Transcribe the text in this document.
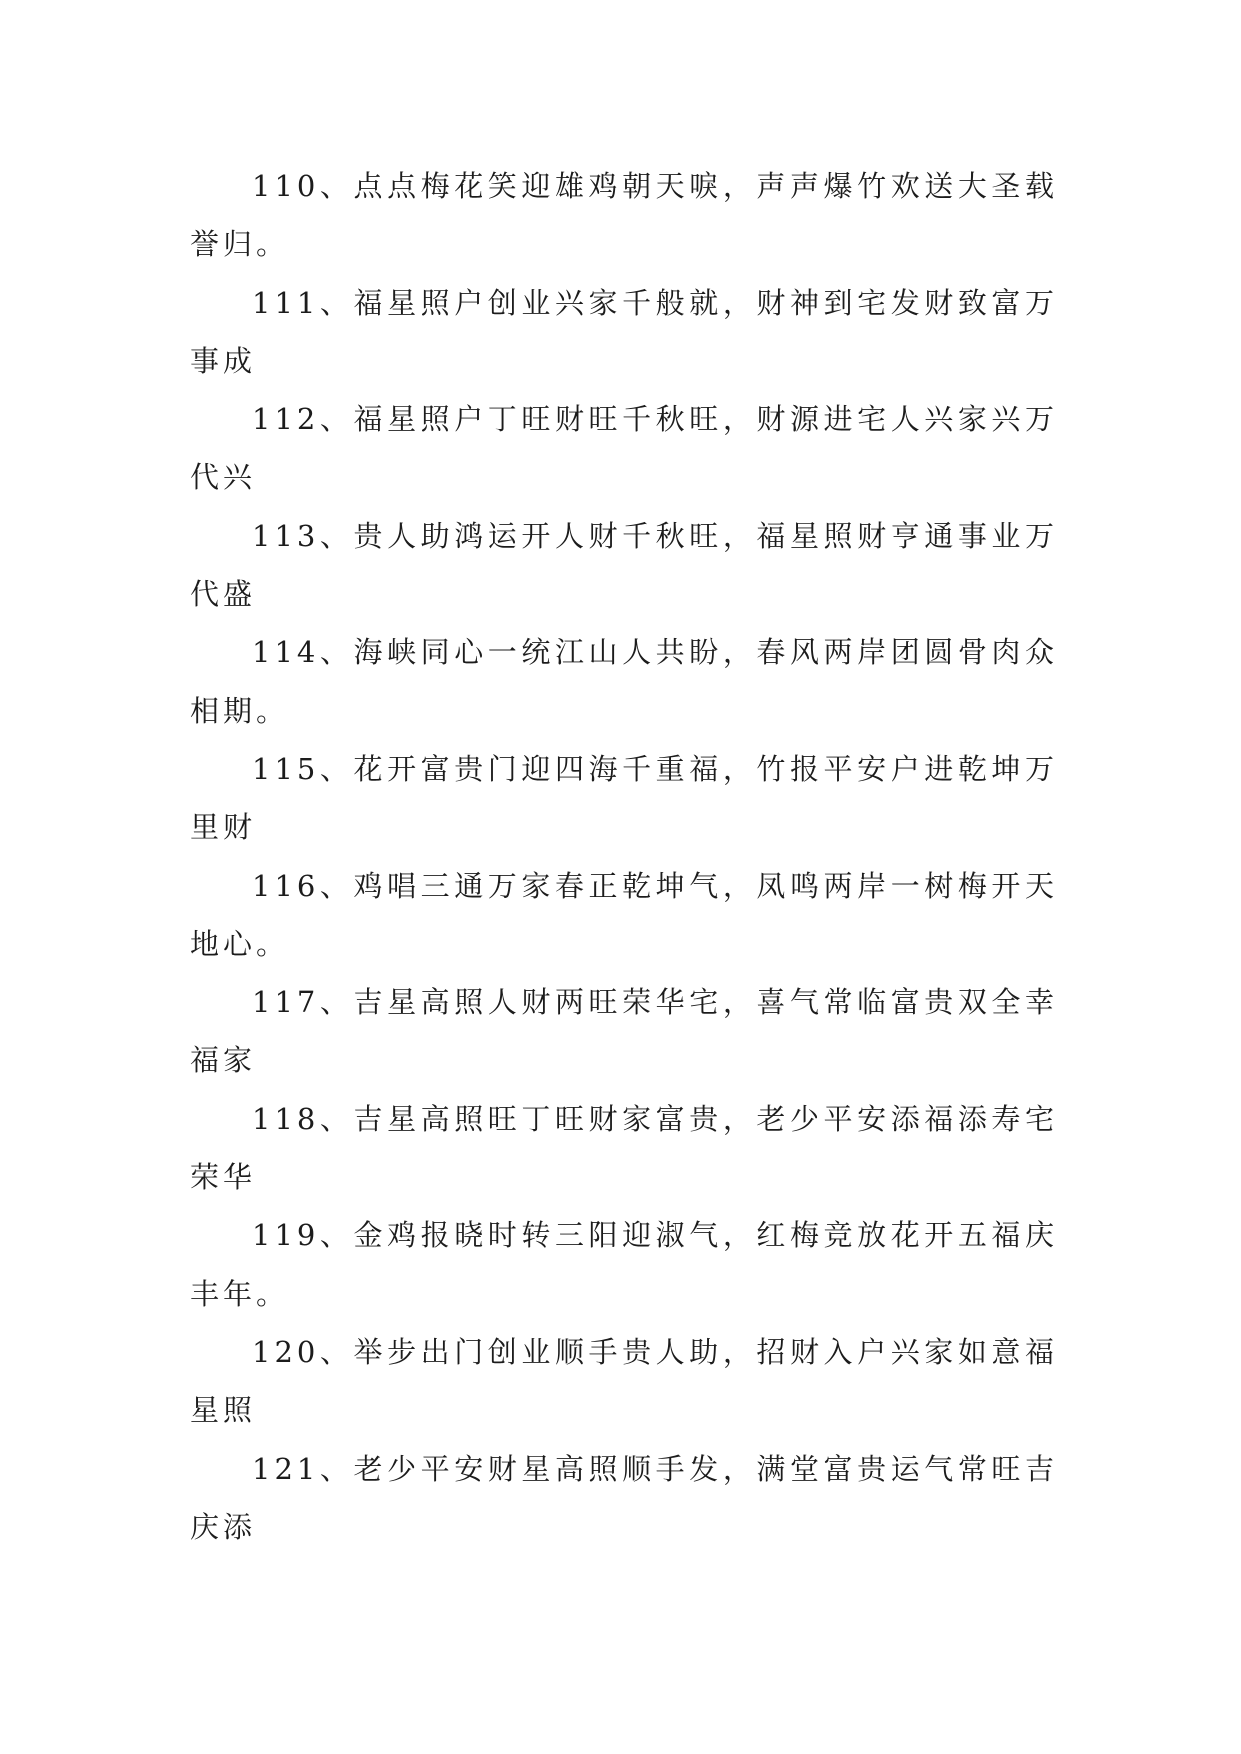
110、点点梅花笑迎雄鸡朝天唳，声声爆竹欢送大圣载誉归。

111、福星照户创业兴家千般就，财神到宅发财致富万事成

112、福星照户丁旺财旺千秋旺，财源进宅人兴家兴万代兴

113、贵人助鸿运开人财千秋旺，福星照财亨通事业万代盛

114、海峡同心一统江山人共盼，春风两岸团圆骨肉众相期。

115、花开富贵门迎四海千重福，竹报平安户进乾坤万里财

116、鸡唱三通万家春正乾坤气，凤鸣两岸一树梅开天地心。

117、吉星高照人财两旺荣华宅，喜气常临富贵双全幸福家

118、吉星高照旺丁旺财家富贵，老少平安添福添寿宅荣华

119、金鸡报晓时转三阳迎淑气，红梅竞放花开五福庆丰年。

120、举步出门创业顺手贵人助，招财入户兴家如意福星照

121、老少平安财星高照顺手发，满堂富贵运气常旺吉庆添
